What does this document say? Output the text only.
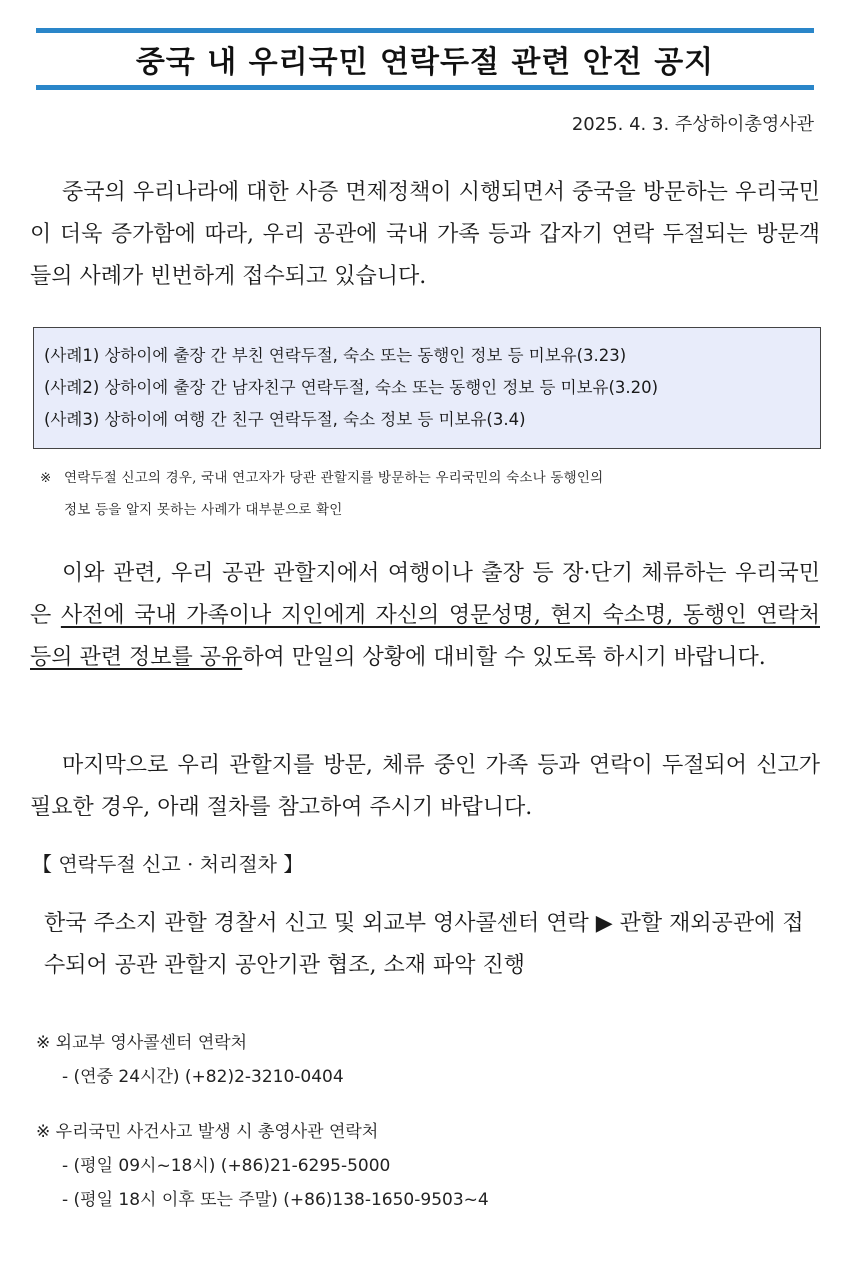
중국 내 우리국민 연락두절 관련 안전 공지
2025. 4. 3. 주상하이총영사관

중국의 우리나라에 대한 사증 면제정책이 시행되면서 중국을 방문하는 우리국민이 더욱 증가함에 따라, 우리 공관에 국내 가족 등과 갑자기 연락 두절되는 방문객들의 사례가 빈번하게 접수되고 있습니다.

(사례1) 상하이에 출장 간 부친 연락두절, 숙소 또는 동행인 정보 등 미보유(3.23)
(사례2) 상하이에 출장 간 남자친구 연락두절, 숙소 또는 동행인 정보 등 미보유(3.20)
(사례3) 상하이에 여행 간 친구 연락두절, 숙소 정보 등 미보유(3.4)
※ 연락두절 신고의 경우, 국내 연고자가 당관 관할지를 방문하는 우리국민의 숙소나 동행인의
정보 등을 알지 못하는 사례가 대부분으로 확인

이와 관련, 우리 공관 관할지에서 여행이나 출장 등 장·단기 체류하는 우리국민은 사전에 국내 가족이나 지인에게 자신의 영문성명, 현지 숙소명, 동행인 연락처 등의 관련 정보를 공유하여 만일의 상황에 대비할 수 있도록 하시기 바랍니다.

마지막으로 우리 관할지를 방문, 체류 중인 가족 등과 연락이 두절되어 신고가 필요한 경우, 아래 절차를 참고하여 주시기 바랍니다.

【 연락두절 신고 · 처리절차 】
한국 주소지 관할 경찰서 신고 및 외교부 영사콜센터 연락 ▶ 관할 재외공관에 접수되어 공관 관할지 공안기관 협조, 소재 파악 진행
※ 외교부 영사콜센터 연락처
- (연중 24시간) (+82)2-3210-0404
※ 우리국민 사건사고 발생 시 총영사관 연락처
- (평일 09시~18시) (+86)21-6295-5000
- (평일 18시 이후 또는 주말) (+86)138-1650-9503~4
